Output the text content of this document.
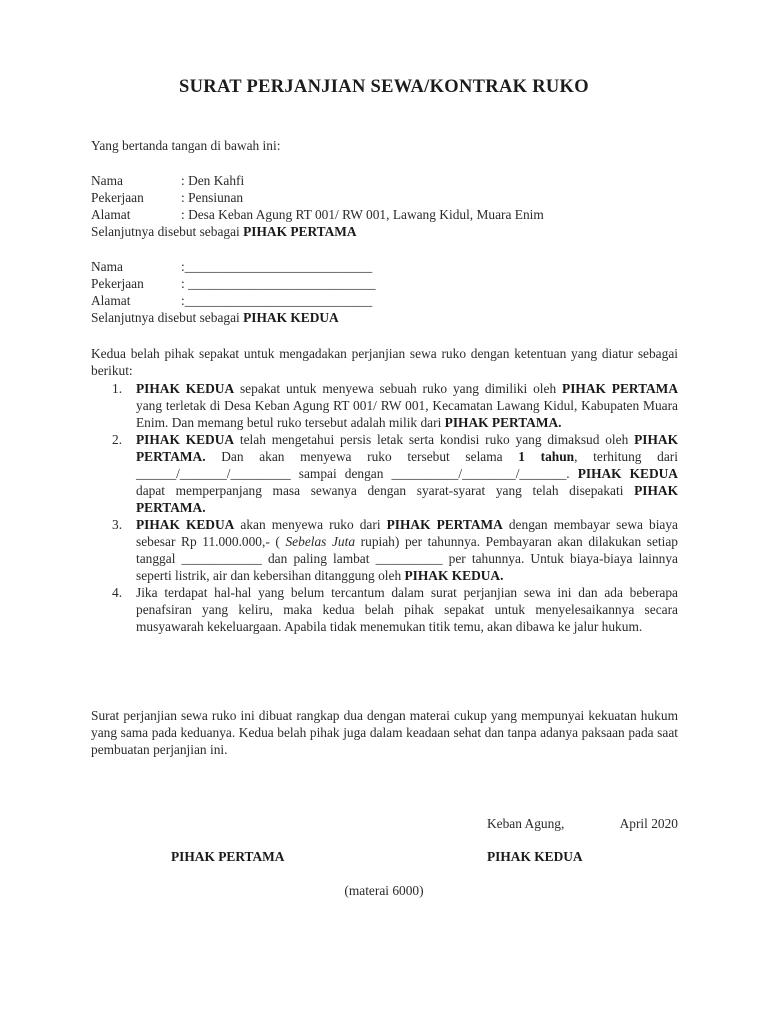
SURAT PERJANJIAN SEWA/KONTRAK RUKO
Yang bertanda tangan di bawah ini:
Nama	: Den Kahfi
Pekerjaan	: Pensiunan
Alamat	: Desa Keban Agung RT 001/ RW 001, Lawang Kidul, Muara Enim
Selanjutnya disebut sebagai PIHAK PERTAMA
Nama	:____________________________
Pekerjaan	: ____________________________
Alamat	:____________________________
Selanjutnya disebut sebagai PIHAK KEDUA
Kedua belah pihak sepakat untuk mengadakan perjanjian sewa ruko dengan ketentuan yang diatur sebagai berikut:
1. PIHAK KEDUA sepakat untuk menyewa sebuah ruko yang dimiliki oleh PIHAK PERTAMA yang terletak di Desa Keban Agung RT 001/ RW 001, Kecamatan Lawang Kidul, Kabupaten Muara Enim. Dan memang betul ruko tersebut adalah milik dari PIHAK PERTAMA.
2. PIHAK KEDUA telah mengetahui persis letak serta kondisi ruko yang dimaksud oleh PIHAK PERTAMA. Dan akan menyewa ruko tersebut selama 1 tahun, terhitung dari ______/_______/_________ sampai dengan __________/________/_______. PIHAK KEDUA dapat memperpanjang masa sewanya dengan syarat-syarat yang telah disepakati PIHAK PERTAMA.
3. PIHAK KEDUA akan menyewa ruko dari PIHAK PERTAMA dengan membayar sewa biaya sebesar Rp 11.000.000,- ( Sebelas Juta rupiah) per tahunnya. Pembayaran akan dilakukan setiap tanggal ____________ dan paling lambat __________ per tahunnya. Untuk biaya-biaya lainnya seperti listrik, air dan kebersihan ditanggung oleh PIHAK KEDUA.
4. Jika terdapat hal-hal yang belum tercantum dalam surat perjanjian sewa ini dan ada beberapa penafsiran yang keliru, maka kedua belah pihak sepakat untuk menyelesaikannya secara musyawarah kekeluargaan. Apabila tidak menemukan titik temu, akan dibawa ke jalur hukum.
Surat perjanjian sewa ruko ini dibuat rangkap dua dengan materai cukup yang mempunyai kekuatan hukum yang sama pada keduanya. Kedua belah pihak juga dalam keadaan sehat dan tanpa adanya paksaan pada saat pembuatan perjanjian ini.
Keban Agung,	April 2020
PIHAK PERTAMA	PIHAK KEDUA
(materai 6000)
